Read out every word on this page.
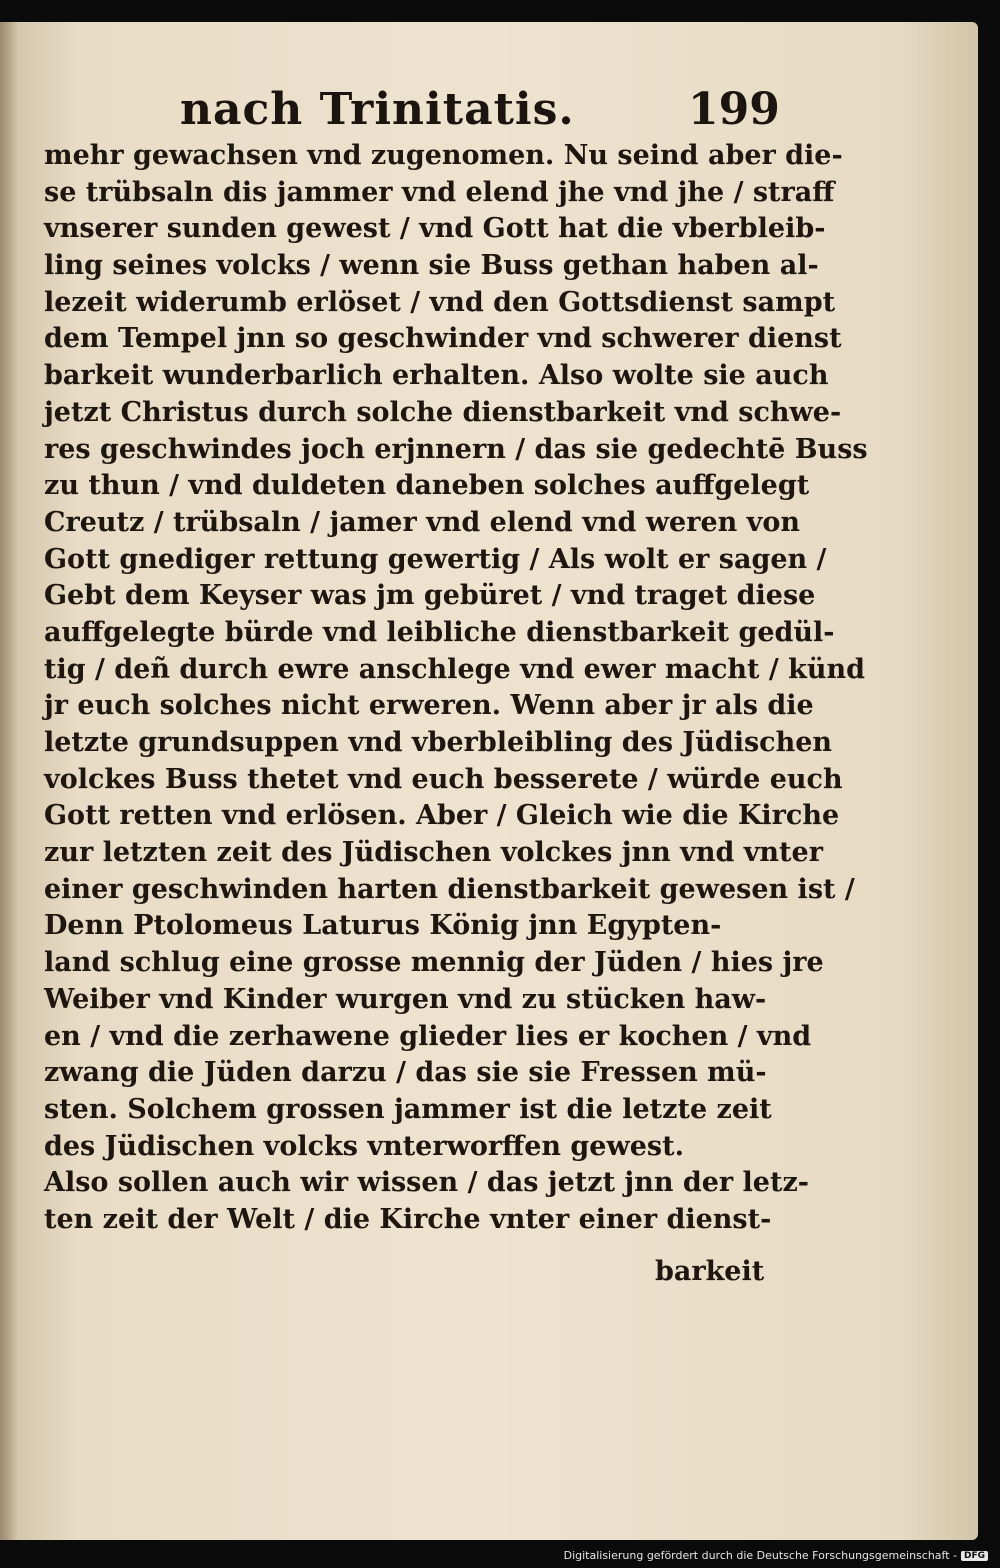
nach Trinitatis.	199
mehr gewachsen vnd zugenomen. Nu seind aber die-
se trübsaln dis jammer vnd elend jhe vnd jhe / straff
vnserer sunden gewest / vnd Gott hat die vberbleib-
ling seines volcks / wenn sie Buss gethan haben al-
lezeit widerumb erlöset / vnd den Gottsdienst sampt
dem Tempel jnn so geschwinder vnd schwerer dienst
barkeit wunderbarlich erhalten. Also wolte sie auch
jetzt Christus durch solche dienstbarkeit vnd schwe-
res geschwindes joch erjnnern / das sie gedechtē Buss
zu thun / vnd duldeten daneben solches auffgelegt
Creutz / trübsaln / jamer vnd elend vnd weren von
Gott gnediger rettung gewertig / Als wolt er sagen /
Gebt dem Keyser was jm gebüret / vnd traget diese
auffgelegte bürde vnd leibliche dienstbarkeit gedül-
tig / deñ durch ewre anschlege vnd ewer macht / künd
jr euch solches nicht erweren. Wenn aber jr als die
letzte grundsuppen vnd vberbleibling des Jüdischen
volckes Buss thetet vnd euch besserete / würde euch
Gott retten vnd erlösen. Aber / Gleich wie die Kirche
zur letzten zeit des Jüdischen volckes jnn vnd vnter
einer geschwinden harten dienstbarkeit gewesen ist /
Denn Ptolomeus Laturus König jnn Egypten-
land schlug eine grosse mennig der Jüden / hies jre
Weiber vnd Kinder wurgen vnd zu stücken haw-
en / vnd die zerhawene glieder lies er kochen / vnd
zwang die Jüden darzu / das sie sie Fressen mü-
sten. Solchem grossen jammer ist die letzte zeit
des Jüdischen volcks vnterworffen gewest.
Also sollen auch wir wissen / das jetzt jnn der letz-
ten zeit der Welt / die Kirche vnter einer dienst-
barkeit
Digitalisierung gefördert durch die Deutsche Forschungsgemeinschaft - DFG
